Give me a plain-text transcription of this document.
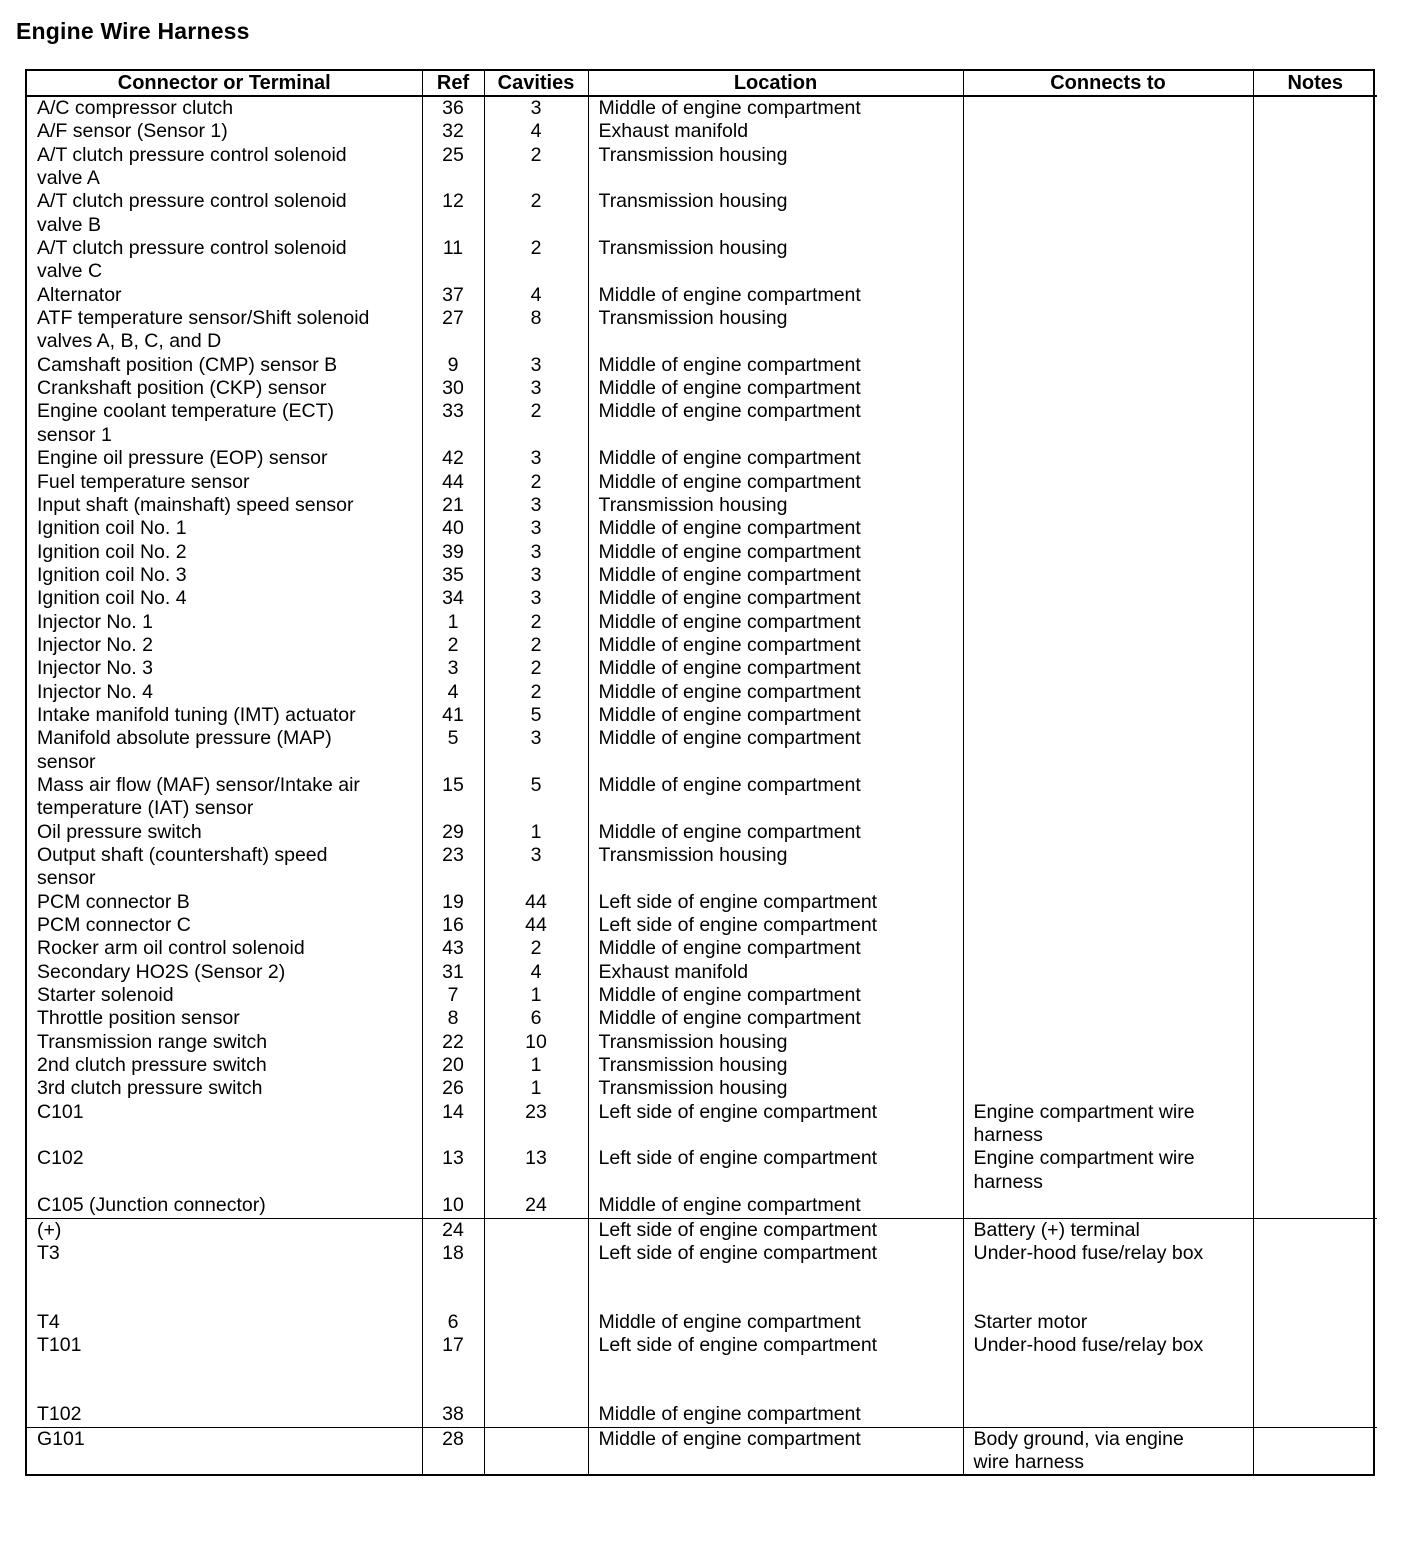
Engine Wire Harness
Connector or Terminal	Ref	Cavities	Location	Connects to	Notes
A/C compressor clutch	36	3	Middle of engine compartment		
A/F sensor (Sensor 1)	32	4	Exhaust manifold		
A/T clutch pressure control solenoid
valve A	25	2	Transmission housing		
A/T clutch pressure control solenoid
valve B	12	2	Transmission housing		
A/T clutch pressure control solenoid
valve C	11	2	Transmission housing		
Alternator	37	4	Middle of engine compartment		
ATF temperature sensor/Shift solenoid
valves A, B, C, and D	27	8	Transmission housing		
Camshaft position (CMP) sensor B	9	3	Middle of engine compartment		
Crankshaft position (CKP) sensor	30	3	Middle of engine compartment		
Engine coolant temperature (ECT)
sensor 1	33	2	Middle of engine compartment		
Engine oil pressure (EOP) sensor	42	3	Middle of engine compartment		
Fuel temperature sensor	44	2	Middle of engine compartment		
Input shaft (mainshaft) speed sensor	21	3	Transmission housing		
Ignition coil No. 1	40	3	Middle of engine compartment		
Ignition coil No. 2	39	3	Middle of engine compartment		
Ignition coil No. 3	35	3	Middle of engine compartment		
Ignition coil No. 4	34	3	Middle of engine compartment		
Injector No. 1	1	2	Middle of engine compartment		
Injector No. 2	2	2	Middle of engine compartment		
Injector No. 3	3	2	Middle of engine compartment		
Injector No. 4	4	2	Middle of engine compartment		
Intake manifold tuning (IMT) actuator	41	5	Middle of engine compartment		
Manifold absolute pressure (MAP)
sensor	5	3	Middle of engine compartment		
Mass air flow (MAF) sensor/Intake air
temperature (IAT) sensor	15	5	Middle of engine compartment		
Oil pressure switch	29	1	Middle of engine compartment		
Output shaft (countershaft) speed
sensor	23	3	Transmission housing		
PCM connector B	19	44	Left side of engine compartment		
PCM connector C	16	44	Left side of engine compartment		
Rocker arm oil control solenoid	43	2	Middle of engine compartment		
Secondary HO2S (Sensor 2)	31	4	Exhaust manifold		
Starter solenoid	7	1	Middle of engine compartment		
Throttle position sensor	8	6	Middle of engine compartment		
Transmission range switch	22	10	Transmission housing		
2nd clutch pressure switch	20	1	Transmission housing		
3rd clutch pressure switch	26	1	Transmission housing		
C101	14	23	Left side of engine compartment	Engine compartment wire
harness	
C102	13	13	Left side of engine compartment	Engine compartment wire
harness	
C105 (Junction connector)	10	24	Middle of engine compartment		
(+)	24		Left side of engine compartment	Battery (+) terminal	
T3	18		Left side of engine compartment	Under-hood fuse/relay box	
T4	6		Middle of engine compartment	Starter motor	
T101	17		Left side of engine compartment	Under-hood fuse/relay box	
T102	38		Middle of engine compartment		
G101	28		Middle of engine compartment	Body ground, via engine
wire harness	
